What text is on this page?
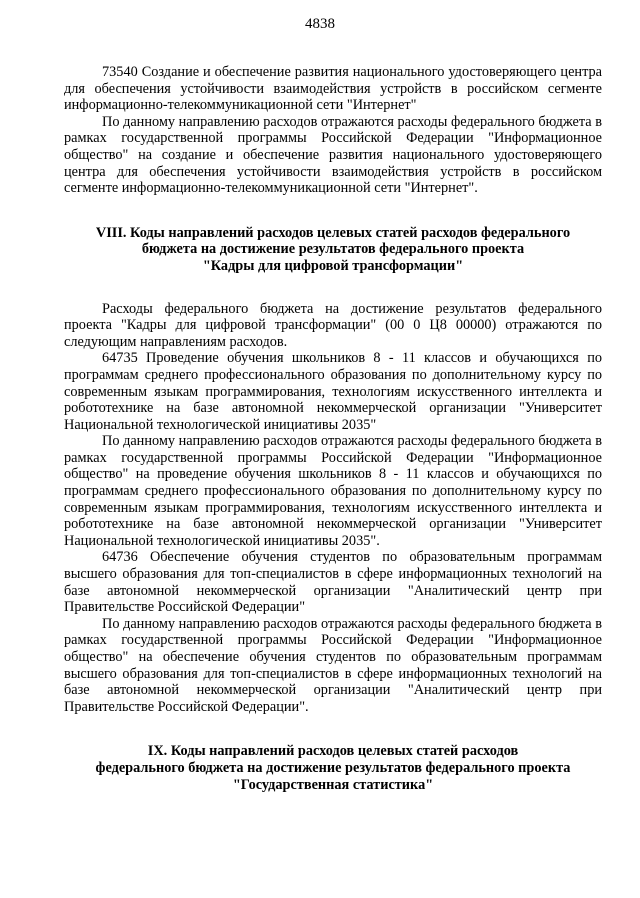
4838

73540 Создание и обеспечение развития национального удостоверяющего центра для обеспечения устойчивости взаимодействия устройств в российском сегменте информационно-телекоммуникационной сети "Интернет"

По данному направлению расходов отражаются расходы федерального бюджета в рамках государственной программы Российской Федерации "Информационное общество" на создание и обеспечение развития национального удостоверяющего центра для обеспечения устойчивости взаимодействия устройств в российском сегменте информационно-телекоммуникационной сети "Интернет".

VIII. Коды направлений расходов целевых статей расходов федерального
бюджета на достижение результатов федерального проекта
"Кадры для цифровой трансформации"

Расходы федерального бюджета на достижение результатов федерального проекта "Кадры для цифровой трансформации" (00 0 Ц8 00000) отражаются по следующим направлениям расходов.

64735 Проведение обучения школьников 8 - 11 классов и обучающихся по программам среднего профессионального образования по дополнительному курсу по современным языкам программирования, технологиям искусственного интеллекта и робототехнике на базе автономной некоммерческой организации "Университет Национальной технологической инициативы 2035"

По данному направлению расходов отражаются расходы федерального бюджета в рамках государственной программы Российской Федерации "Информационное общество" на проведение обучения школьников 8 - 11 классов и обучающихся по программам среднего профессионального образования по дополнительному курсу по современным языкам программирования, технологиям искусственного интеллекта и робототехнике на базе автономной некоммерческой организации "Университет Национальной технологической инициативы 2035".

64736 Обеспечение обучения студентов по образовательным программам высшего образования для топ-специалистов в сфере информационных технологий на базе автономной некоммерческой организации "Аналитический центр при Правительстве Российской Федерации"

По данному направлению расходов отражаются расходы федерального бюджета в рамках государственной программы Российской Федерации "Информационное общество" на обеспечение обучения студентов по образовательным программам высшего образования для топ-специалистов в сфере информационных технологий на базе автономной некоммерческой организации "Аналитический центр при Правительстве Российской Федерации".

IX. Коды направлений расходов целевых статей расходов
федерального бюджета на достижение результатов федерального проекта
"Государственная статистика"
